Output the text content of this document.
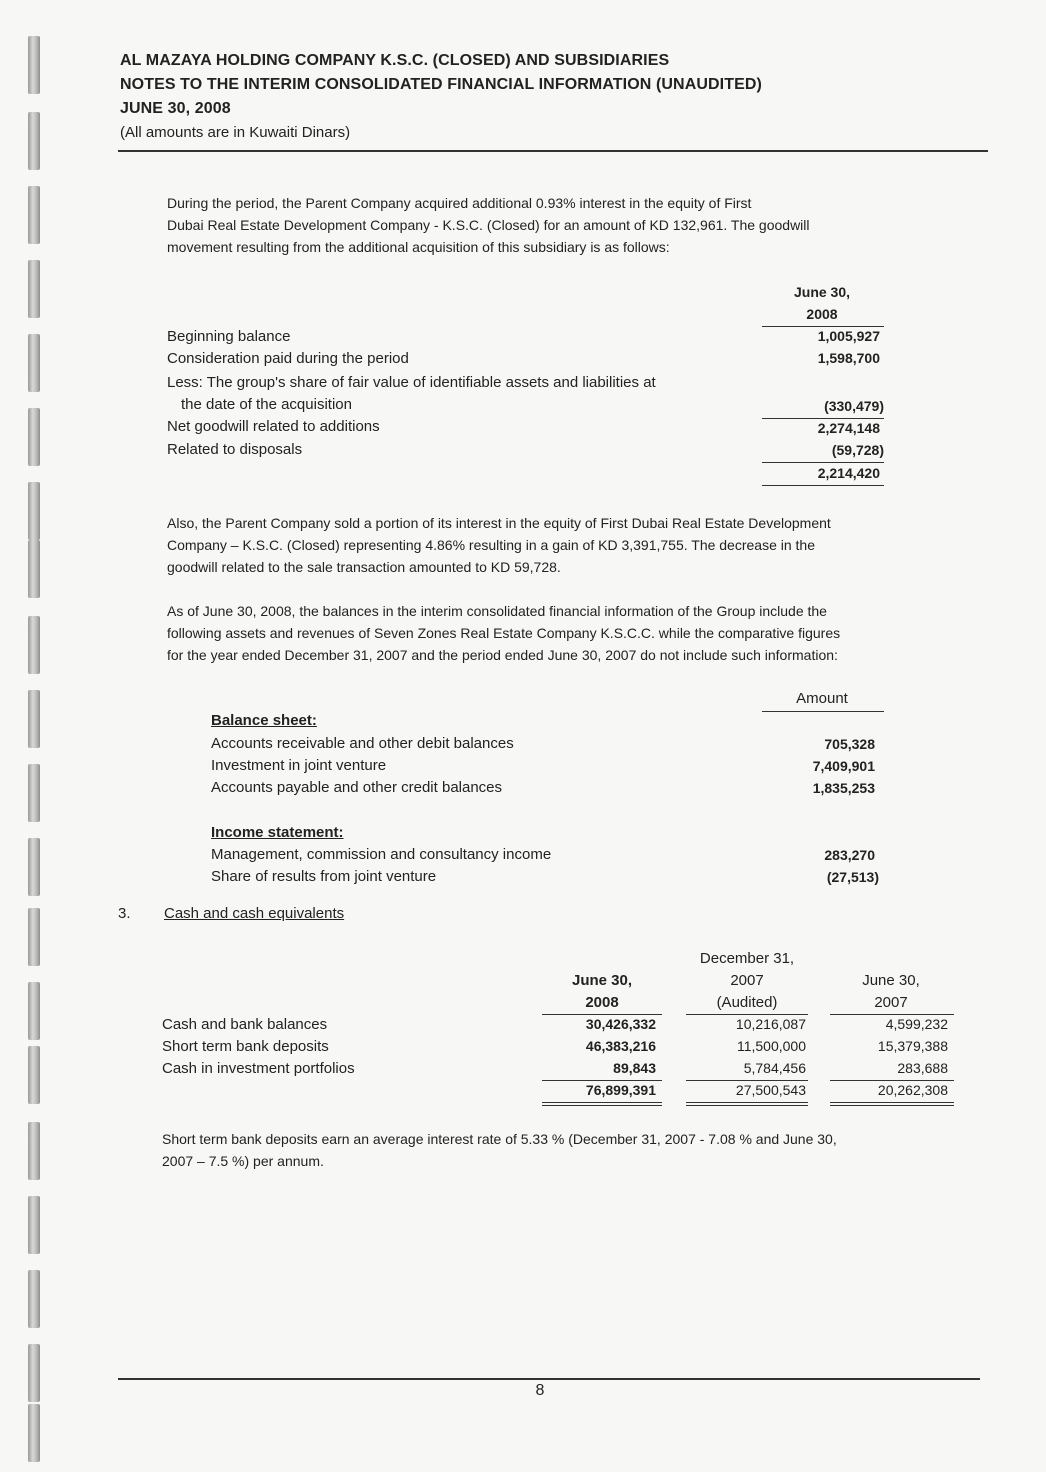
AL MAZAYA HOLDING COMPANY K.S.C. (CLOSED) AND SUBSIDIARIES
NOTES TO THE INTERIM CONSOLIDATED FINANCIAL INFORMATION (UNAUDITED)
JUNE 30, 2008
(All amounts are in Kuwaiti Dinars)
During the period, the Parent Company acquired additional 0.93% interest in the equity of First
Dubai Real Estate Development Company - K.S.C. (Closed) for an amount of KD 132,961. The goodwill
movement resulting from the additional acquisition of this subsidiary is as follows:
June 30,
2008
Beginning balance	1,005,927
Consideration paid during the period	1,598,700
Less: The group's share of fair value of identifiable assets and liabilities at
the date of the acquisition	(330,479)
Net goodwill related to additions	2,274,148
Related to disposals	(59,728)
2,214,420
Also, the Parent Company sold a portion of its interest in the equity of First Dubai Real Estate Development
Company – K.S.C. (Closed) representing 4.86% resulting in a gain of KD 3,391,755. The decrease in the
goodwill related to the sale transaction amounted to KD 59,728.
As of June 30, 2008, the balances in the interim consolidated financial information of the Group include the
following assets and revenues of Seven Zones Real Estate Company K.S.C.C. while the comparative figures
for the year ended December 31, 2007 and the period ended June 30, 2007 do not include such information:
Amount
Balance sheet:
Accounts receivable and other debit balances	705,328
Investment in joint venture	7,409,901
Accounts payable and other credit balances	1,835,253
Income statement:
Management, commission and consultancy income	283,270
Share of results from joint venture	(27,513)
3. Cash and cash equivalents
June 30,
2008
December 31,
2007
(Audited)
June 30,
2007
Cash and bank balances	30,426,332	10,216,087	4,599,232
Short term bank deposits	46,383,216	11,500,000	15,379,388
Cash in investment portfolios	89,843	5,784,456	283,688
76,899,391	27,500,543	20,262,308
Short term bank deposits earn an average interest rate of 5.33 % (December 31, 2007 - 7.08 % and June 30,
2007 – 7.5 %) per annum.
8
